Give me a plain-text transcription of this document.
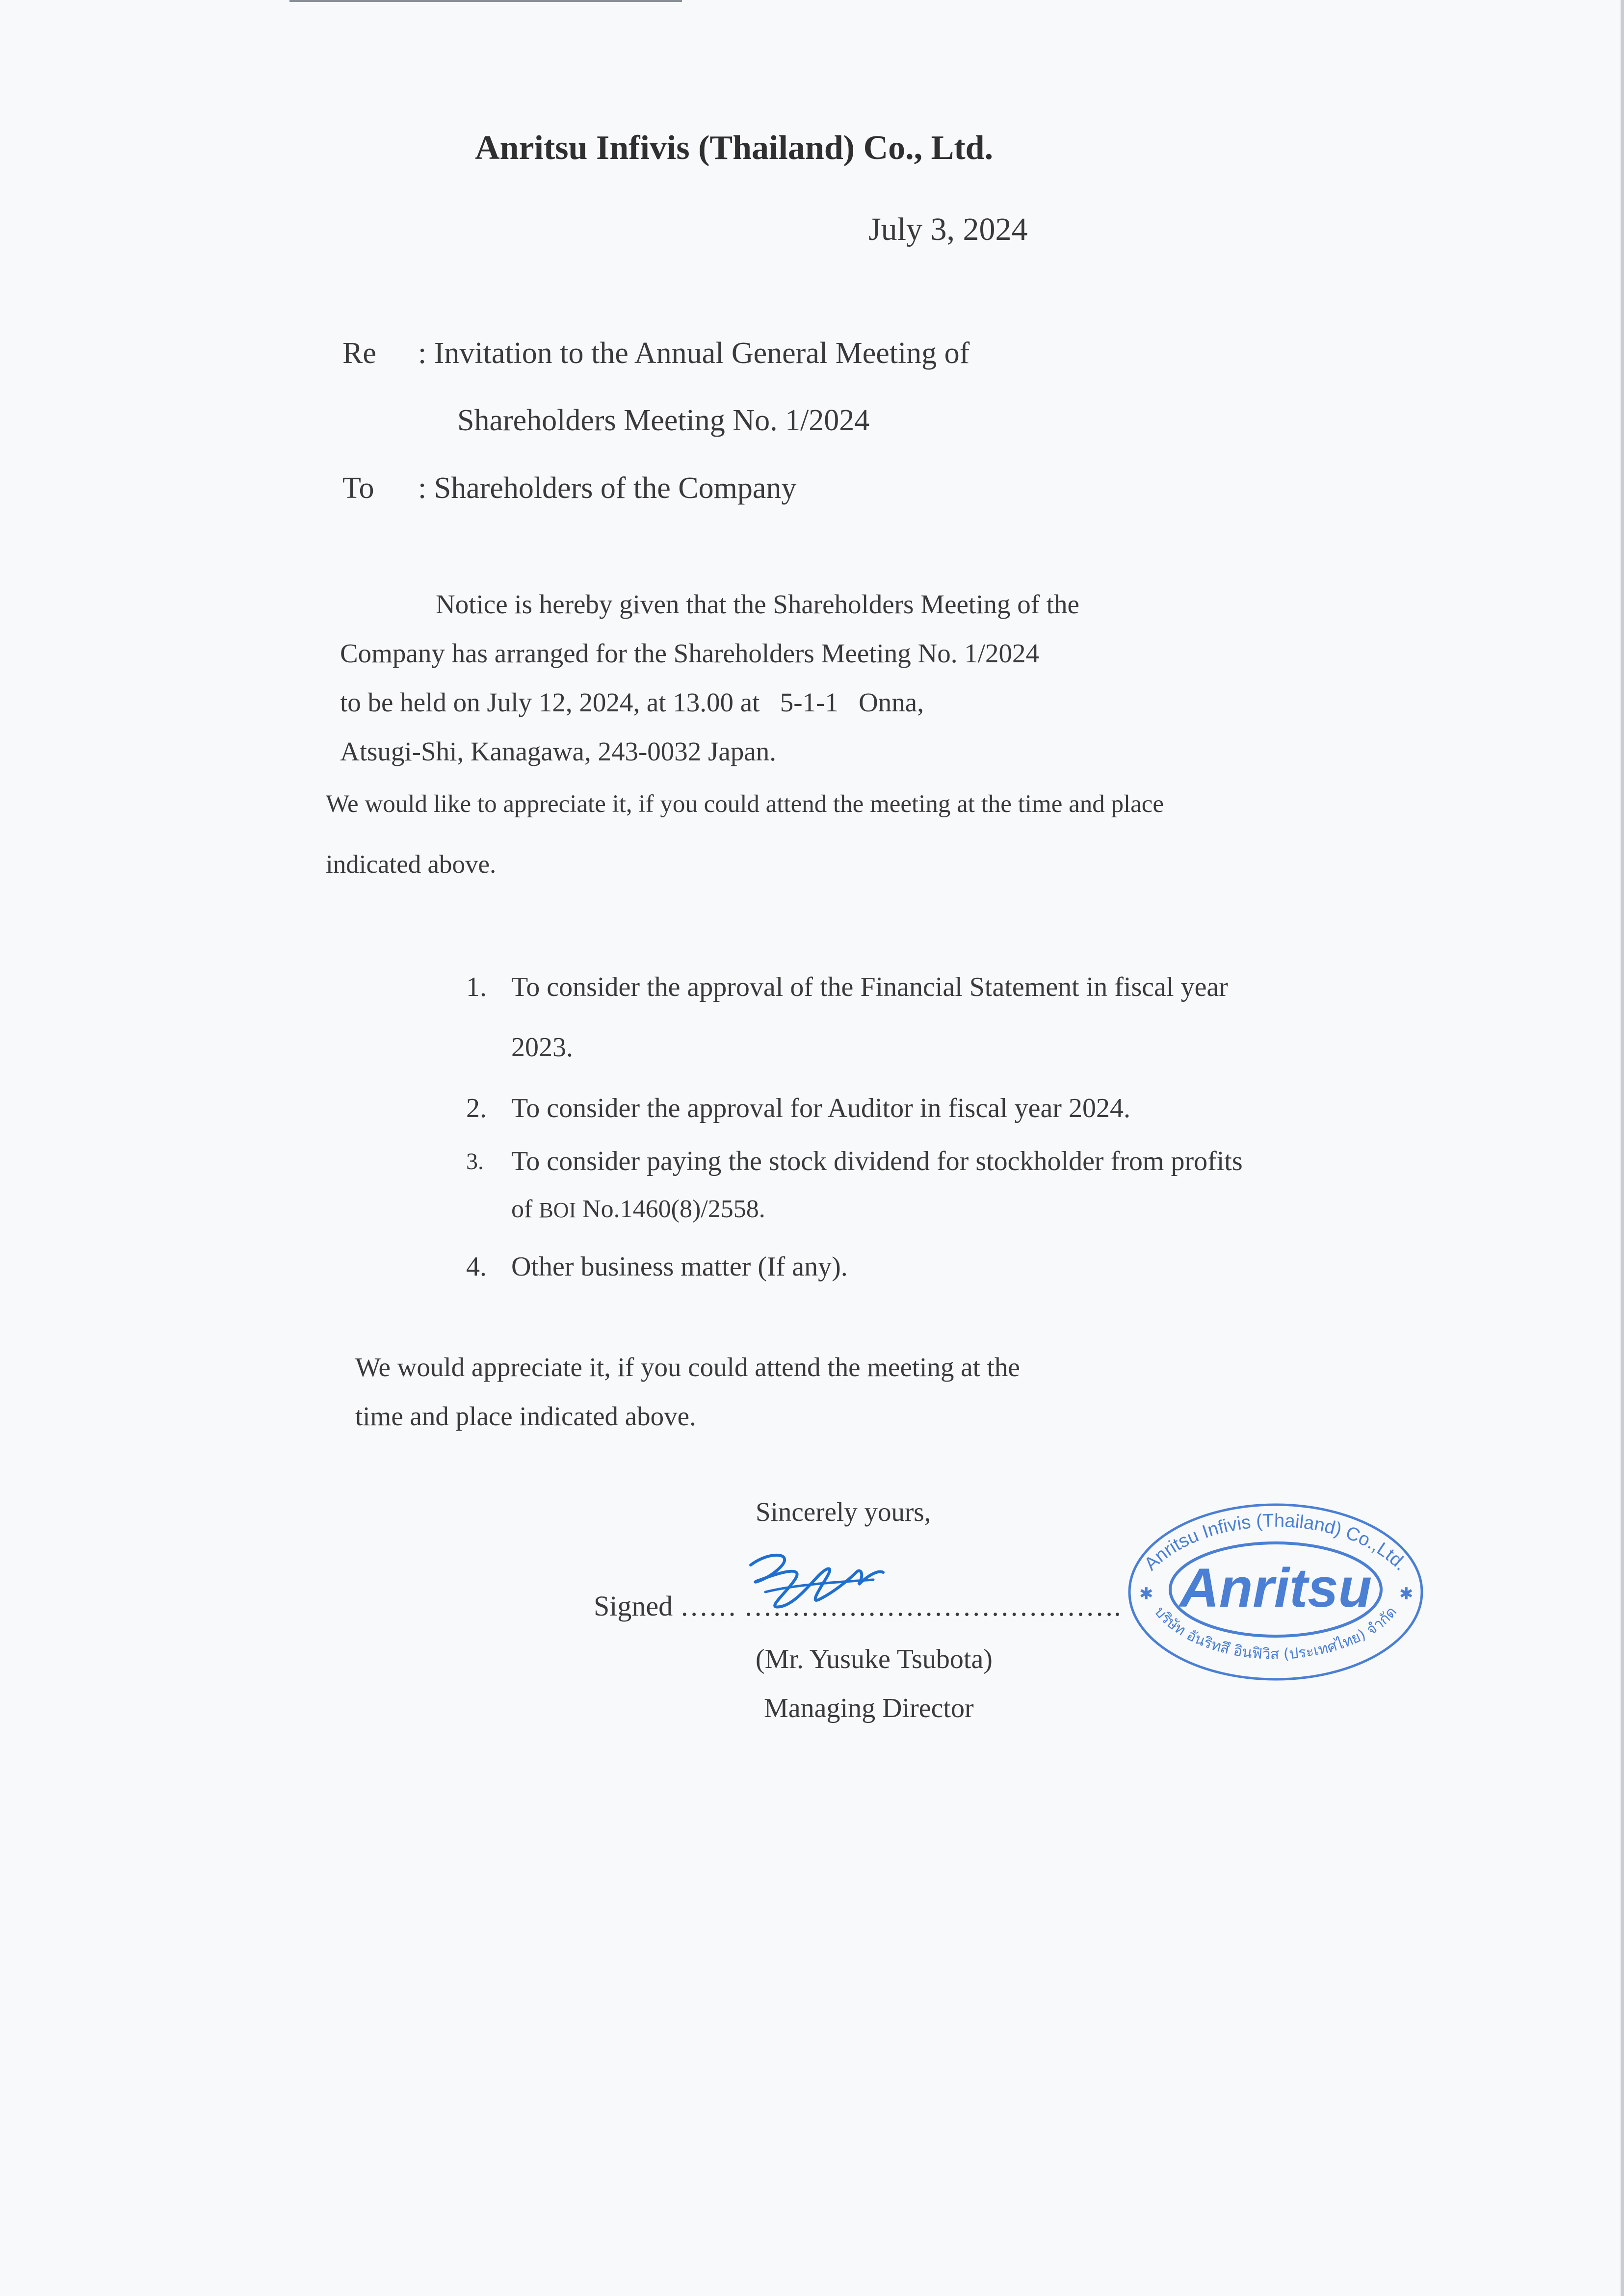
Anritsu Infivis (Thailand) Co., Ltd.
July 3, 2024
Re : Invitation to the Annual General Meeting of
Shareholders Meeting No. 1/2024
To : Shareholders of the Company
Notice is hereby given that the Shareholders Meeting of the
Company has arranged for the Shareholders Meeting No. 1/2024
to be held on July 12, 2024, at 13.00 at   5-1-1   Onna,
Atsugi-Shi, Kanagawa, 243-0032 Japan.
We would like to appreciate it, if you could attend the meeting at the time and place
indicated above.
1. To consider the approval of the Financial Statement in fiscal year
2023.
2. To consider the approval for Auditor in fiscal year 2024.
3. To consider paying the stock dividend for stockholder from profits
of BOI No.1460(8)/2558.
4. Other business matter (If any).
We would appreciate it, if you could attend the meeting at the
time and place indicated above.
Sincerely yours,
Signed …… ………………………………….
(Mr. Yusuke Tsubota)
Managing Director
Anritsu Infivis (Thailand) Co.,Ltd.
บริษัท อันริทสึ อินฟิวิส (ประเทศไทย) จำกัด
Anritsu
✱	✱
